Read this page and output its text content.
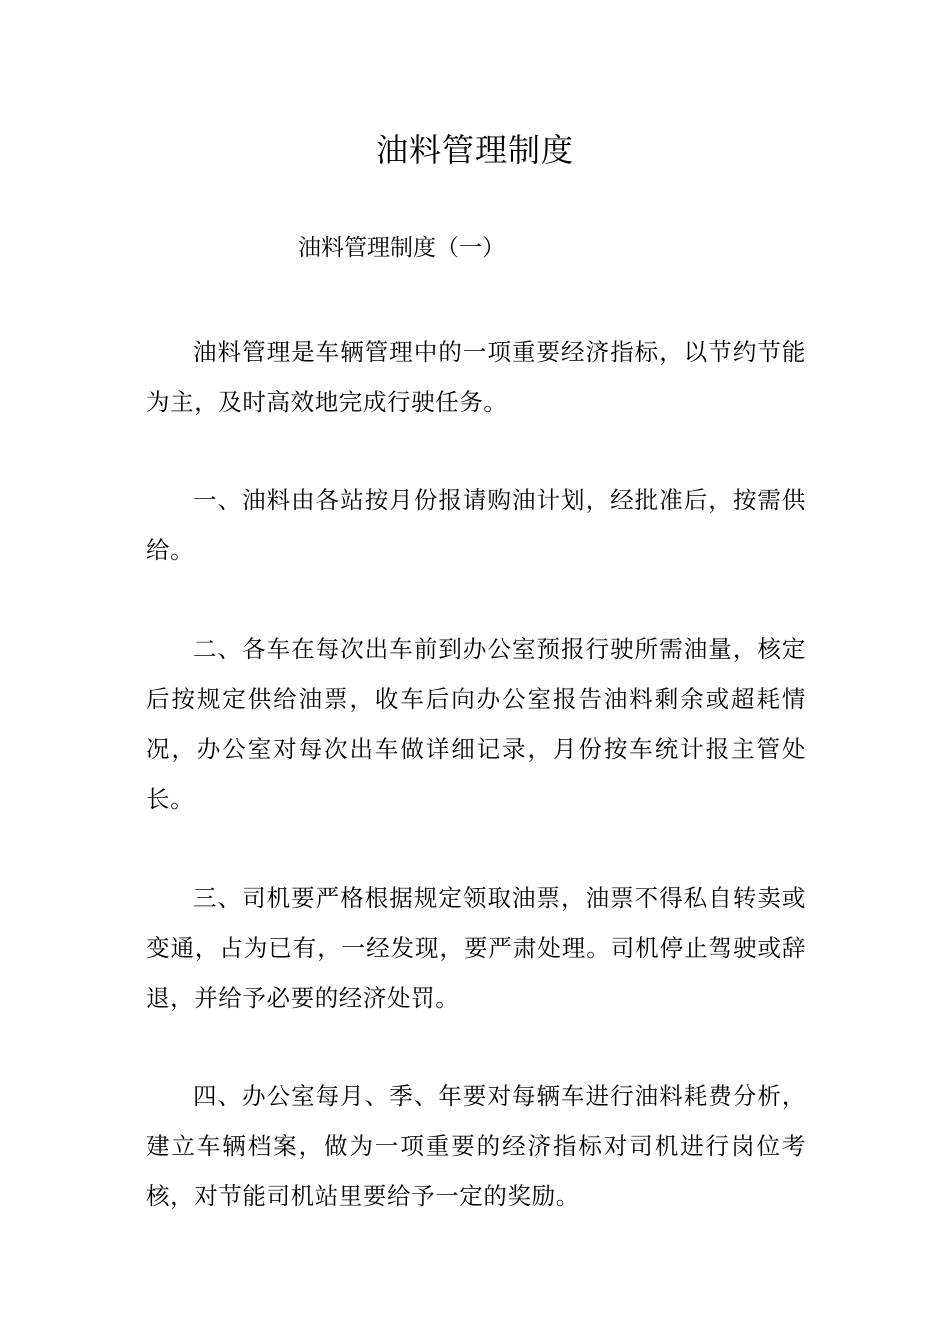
油料管理制度
油料管理制度（一）

油料管理是车辆管理中的一项重要经济指标，以节约节能为主，及时高效地完成行驶任务。

一、油料由各站按月份报请购油计划，经批准后，按需供给。

二、各车在每次出车前到办公室预报行驶所需油量，核定后按规定供给油票，收车后向办公室报告油料剩余或超耗情况，办公室对每次出车做详细记录，月份按车统计报主管处长。

三、司机要严格根据规定领取油票，油票不得私自转卖或变通，占为已有，一经发现，要严肃处理。司机停止驾驶或辞退，并给予必要的经济处罚。

四、办公室每月、季、年要对每辆车进行油料耗费分析，建立车辆档案，做为一项重要的经济指标对司机进行岗位考核，对节能司机站里要给予一定的奖励。
